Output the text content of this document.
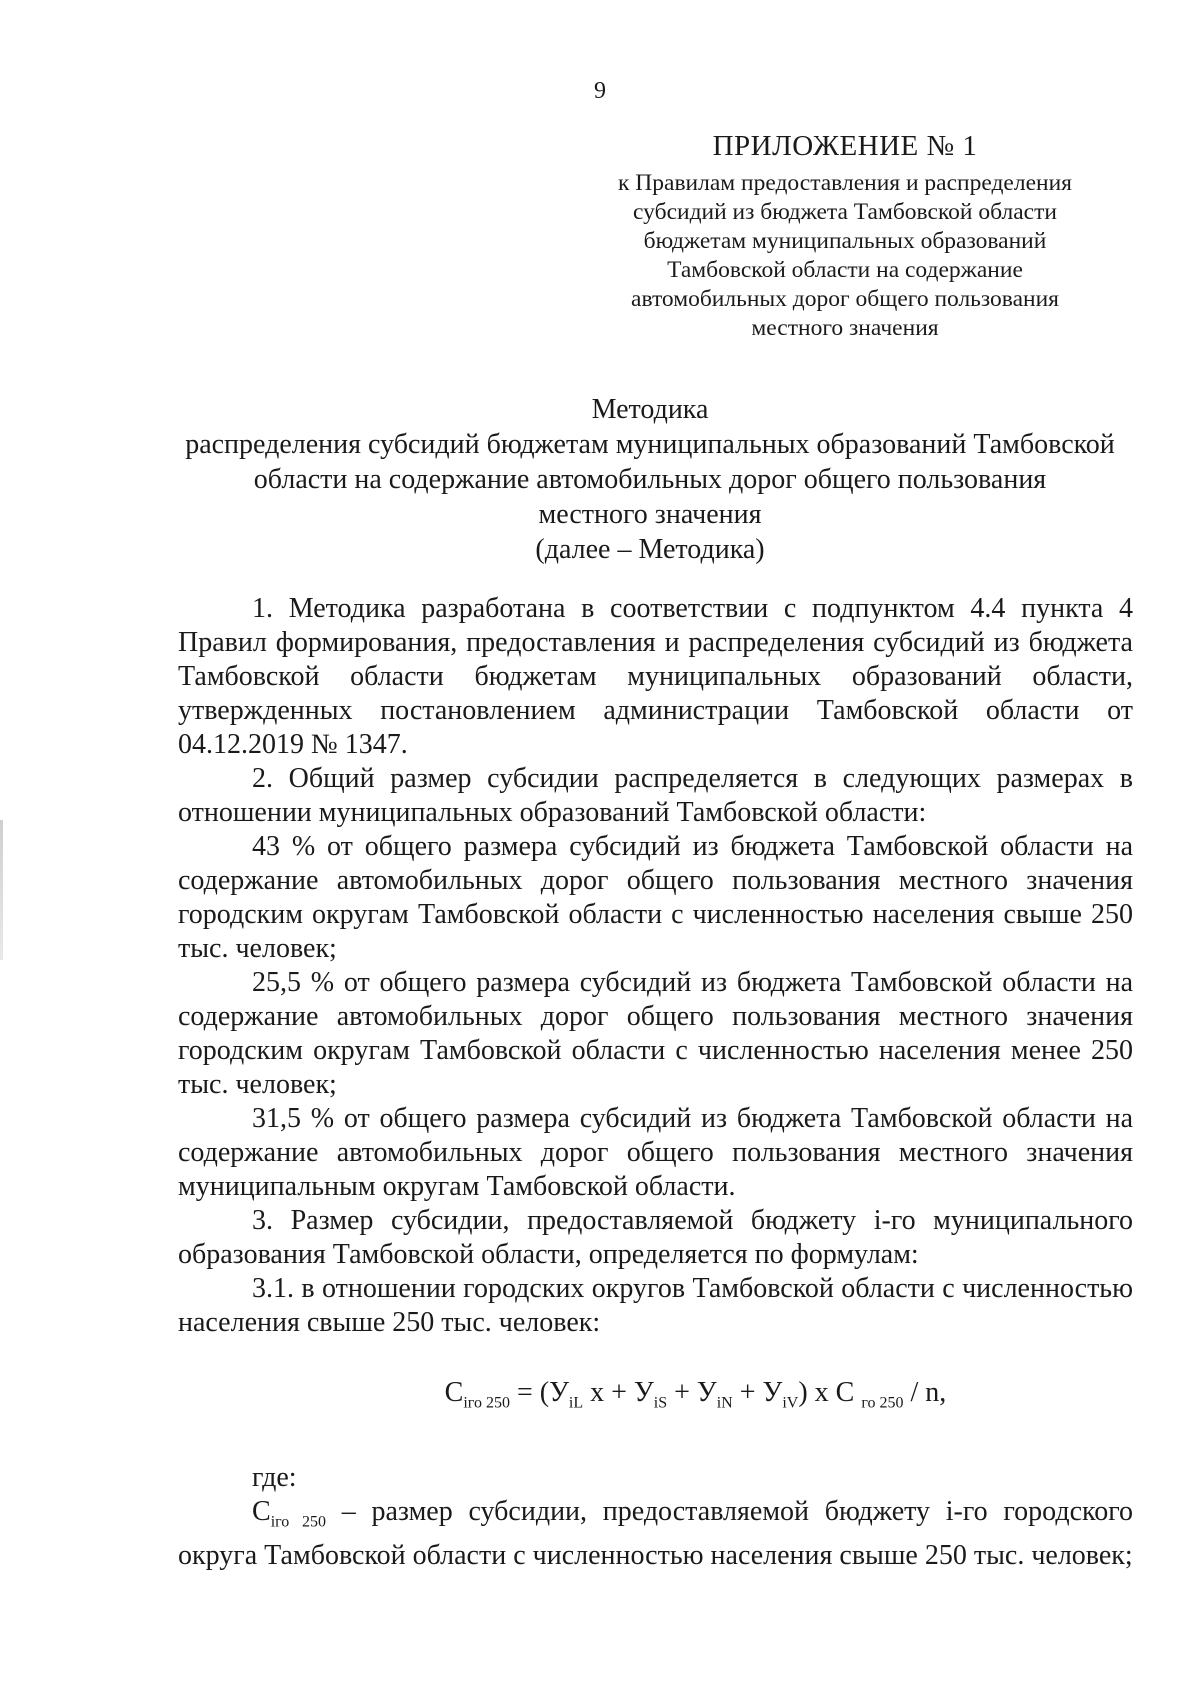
9
ПРИЛОЖЕНИЕ № 1
к Правилам предоставления и распределения
субсидий из бюджета Тамбовской области
бюджетам муниципальных образований
Тамбовской области на содержание
автомобильных дорог общего пользования
местного значения
Методика
распределения субсидий бюджетам муниципальных образований Тамбовской
области на содержание автомобильных дорог общего пользования
местного значения
(далее – Методика)

1. Методика разработана в соответствии с подпунктом 4.4 пункта 4 Правил формирования, предоставления и распределения субсидий из бюджета Тамбовской области бюджетам муниципальных образований области, утвержденных постановлением администрации Тамбовской области от 04.12.2019 № 1347.

2. Общий размер субсидии распределяется в следующих размерах в отношении муниципальных образований Тамбовской области:

43 % от общего размера субсидий из бюджета Тамбовской области на содержание автомобильных дорог общего пользования местного значения городским округам Тамбовской области с численностью населения свыше 250 тыс. человек;

25,5 % от общего размера субсидий из бюджета Тамбовской области на содержание автомобильных дорог общего пользования местного значения городским округам Тамбовской области с численностью населения менее 250 тыс. человек;

31,5 % от общего размера субсидий из бюджета Тамбовской области на содержание автомобильных дорог общего пользования местного значения муниципальным округам Тамбовской области.

3. Размер субсидии, предоставляемой бюджету i-го муниципального образования Тамбовской области, определяется по формулам:

3.1. в отношении городских округов Тамбовской области с численностью населения свыше 250 тыс. человек:

$C_{iго 250} = (У_{iL}$ $х + У_{iS} + У_{iN} + У_{iV}$) х С $_{го 250}$ / n,

где:

$C_{iго 250}$ – размер субсидии, предоставляемой бюджету i-го городского округа Тамбовской области с численностью населения свыше 250 тыс. человек;
